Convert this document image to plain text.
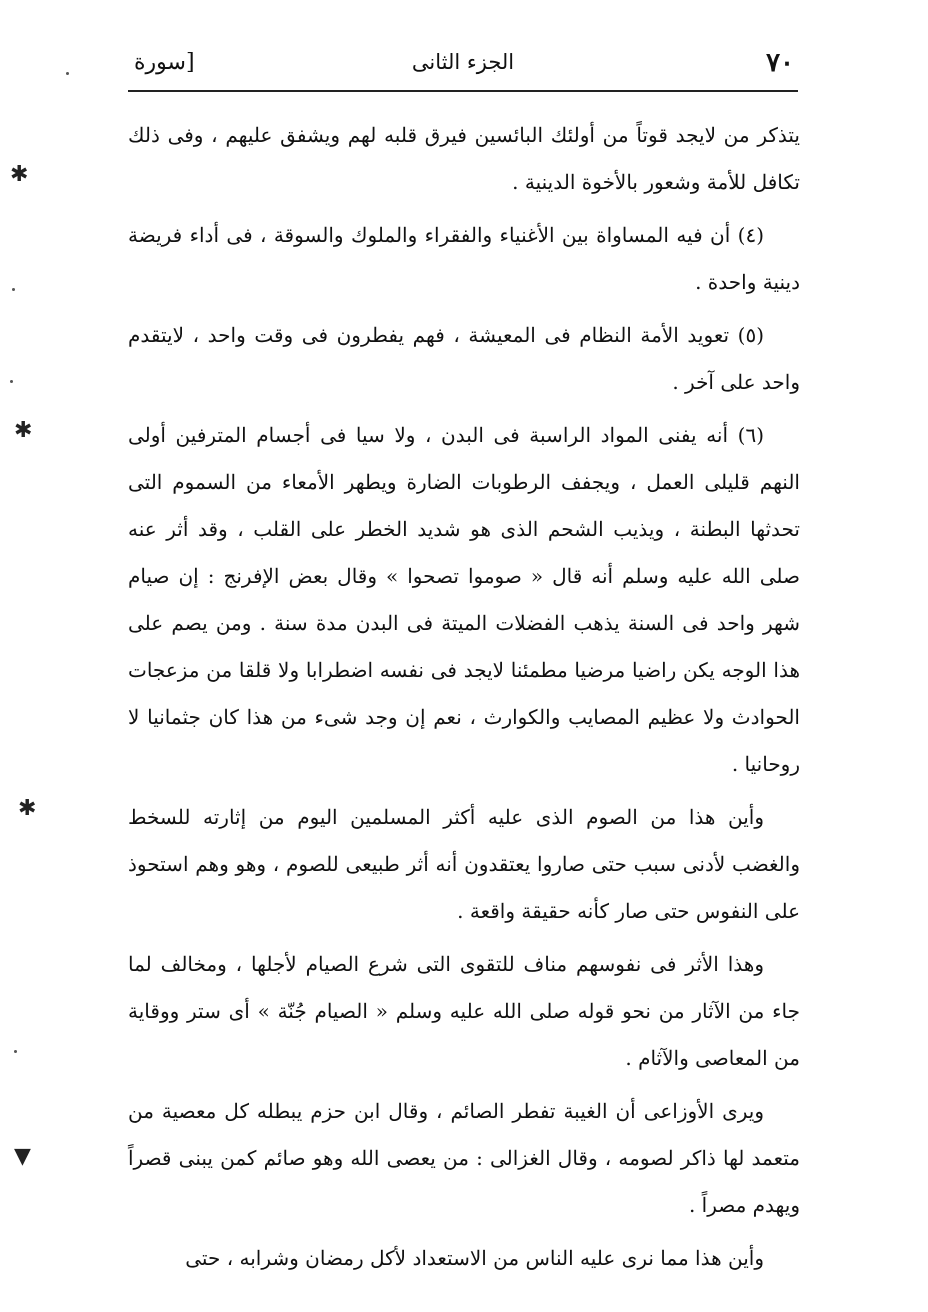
٧٠
الجزء الثانى
[سورة

يتذكر من لايجد قوتاً من أولئك البائسين فيرق قلبه لهم ويشفق عليهم ، وفى ذلك تكافل للأمة وشعور بالأخوة الدينية .

(٤) أن فيه المساواة بين الأغنياء والفقراء والملوك والسوقة ، فى أداء فريضة دينية واحدة .

(٥) تعويد الأمة النظام فى المعيشة ، فهم يفطرون فى وقت واحد ، لايتقدم واحد على آخر .

(٦) أنه يفنى المواد الراسبة فى البدن ، ولا سيا فى أجسام المترفين أولى النهم قليلى العمل ، ويجفف الرطوبات الضارة ويطهر الأمعاء من السموم التى تحدثها البطنة ، ويذيب الشحم الذى هو شديد الخطر على القلب ، وقد أثر عنه صلى الله عليه وسلم أنه قال « صوموا تصحوا » وقال بعض الإفرنج : إن صيام شهر واحد فى السنة يذهب الفضلات الميتة فى البدن مدة سنة . ومن يصم على هذا الوجه يكن راضيا مرضيا مطمئنا لايجد فى نفسه اضطرابا ولا قلقا من مزعجات الحوادث ولا عظيم المصايب والكوارث ، نعم إن وجد شىء من هذا كان جثمانيا لا روحانيا .

وأين هذا من الصوم الذى عليه أكثر المسلمين اليوم من إثارته للسخط والغضب لأدنى سبب حتى صاروا يعتقدون أنه أثر طبيعى للصوم ، وهو وهم استحوذ على النفوس حتى صار كأنه حقيقة واقعة .

وهذا الأثر فى نفوسهم مناف للتقوى التى شرع الصيام لأجلها ، ومخالف لما جاء من الآثار من نحو قوله صلى الله عليه وسلم « الصيام جُنّة » أى ستر ووقاية من المعاصى والآثام .

ويرى الأوزاعى أن الغيبة تفطر الصائم ، وقال ابن حزم يبطله كل معصية من متعمد لها ذاكر لصومه ، وقال الغزالى : من يعصى الله وهو صائم كمن يبنى قصراً ويهدم مصراً .

وأين هذا مما نرى عليه الناس من الاستعداد لأكل رمضان وشرابه ، حتى

✱
✱
✱
▼
